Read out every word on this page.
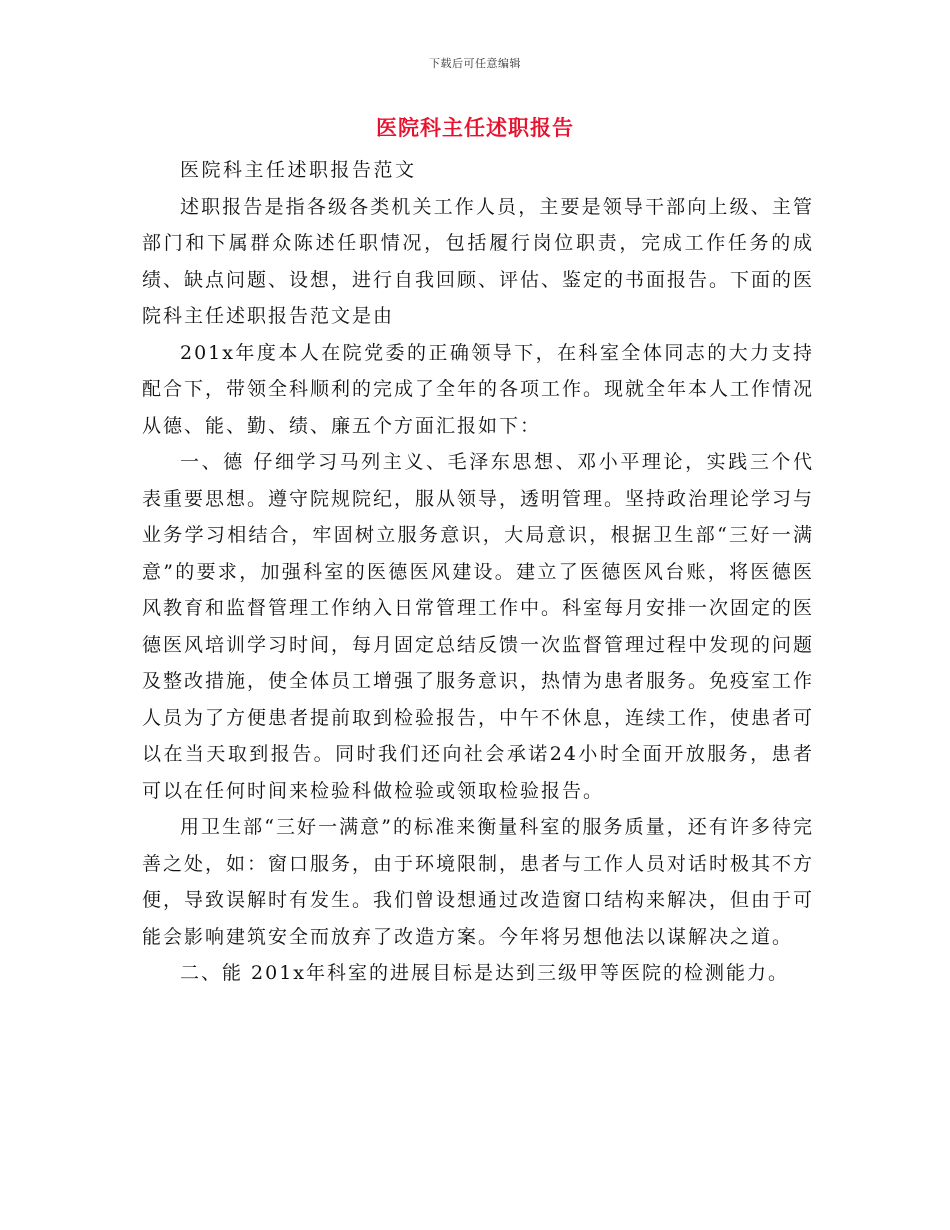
下载后可任意编辑
医院科主任述职报告

医院科主任述职报告范文

述职报告是指各级各类机关工作人员，主要是领导干部向上级、主管部门和下属群众陈述任职情况，包括履行岗位职责，完成工作任务的成绩、缺点问题、设想，进行自我回顾、评估、鉴定的书面报告。下面的医院科主任述职报告范文是由

201x年度本人在院党委的正确领导下，在科室全体同志的大力支持配合下，带领全科顺利的完成了全年的各项工作。现就全年本人工作情况从德、能、勤、绩、廉五个方面汇报如下：

一、德 仔细学习马列主义、毛泽东思想、邓小平理论，实践三个代表重要思想。遵守院规院纪，服从领导，透明管理。坚持政治理论学习与业务学习相结合，牢固树立服务意识，大局意识，根据卫生部“三好一满意”的要求，加强科室的医德医风建设。建立了医德医风台账，将医德医风教育和监督管理工作纳入日常管理工作中。科室每月安排一次固定的医德医风培训学习时间，每月固定总结反馈一次监督管理过程中发现的问题及整改措施，使全体员工增强了服务意识，热情为患者服务。免疫室工作人员为了方便患者提前取到检验报告，中午不休息，连续工作，使患者可以在当天取到报告。同时我们还向社会承诺24小时全面开放服务，患者可以在任何时间来检验科做检验或领取检验报告。

用卫生部“三好一满意”的标准来衡量科室的服务质量，还有许多待完善之处，如：窗口服务，由于环境限制，患者与工作人员对话时极其不方便，导致误解时有发生。我们曾设想通过改造窗口结构来解决，但由于可能会影响建筑安全而放弃了改造方案。今年将另想他法以谋解决之道。

二、能 201x年科室的进展目标是达到三级甲等医院的检测能力。
